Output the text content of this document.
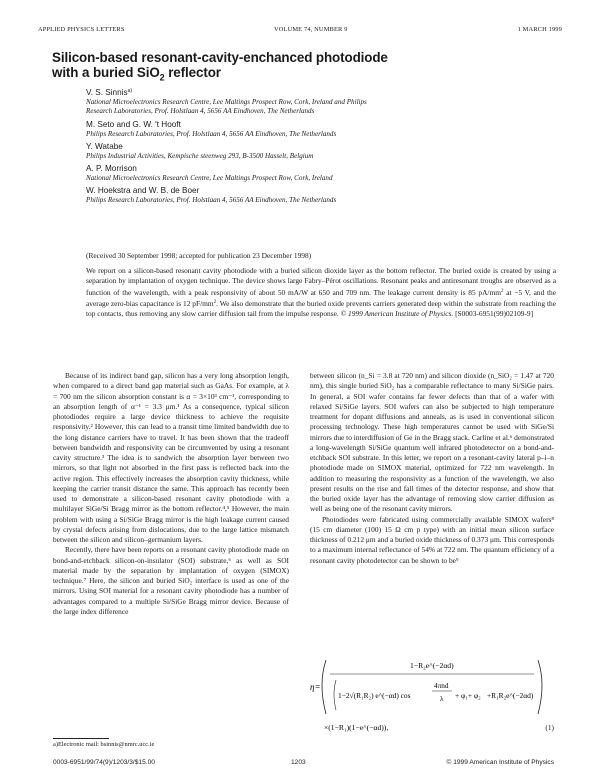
APPLIED PHYSICS LETTERS	VOLUME 74, NUMBER 9	1 MARCH 1999
Silicon-based resonant-cavity-enchanced photodiode
with a buried SiO$_2$ reflector
V. S. Sinnis$^{a)}$
National Microelectronics Research Centre, Lee Maltings Prospect Row, Cork, Ireland and Philips
Research Laboratories, Prof. Holstlaan 4, 5656 AA Eindhoven, The Netherlands
M. Seto and G. W. 't Hooft
Philips Research Laboratories, Prof. Holstlaan 4, 5656 AA Eindhoven, The Netherlands
Y. Watabe
Philips Industrial Activities, Kempische steenweg 293, B-3500 Hasselt, Belgium
A. P. Morrison
National Microelectronics Research Centre, Lee Maltings Prospect Row, Cork, Ireland
W. Hoekstra and W. B. de Boer
Philips Research Laboratories, Prof. Holstlaan 4, 5656 AA Eindhoven, The Netherlands
(Received 30 September 1998; accepted for publication 23 December 1998)
We report on a silicon-based resonant cavity photodiode with a buried silicon dioxide layer as the bottom reflector. The buried oxide is created by using a separation by implantation of oxygen technique. The device shows large Fabry–Pérot oscillations. Resonant peaks and antiresonant troughs are observed as a function of the wavelength, with a peak responsivity of about 50 mA/W at 650 and 709 nm. The leakage current density is 85 $pA/mm^2$ at −5 V, and the average zero-bias capacitance is 12 $pF/mm^2$. We also demonstrate that the buried oxide prevents carriers generated deep within the substrate from reaching the top contacts, thus removing any slow carrier diffusion tail from the impulse response. © 1999 American Institute of Physics. [S0003-6951(99)02109-9]

Because of its indirect band gap, silicon has a very long absorption length, when compared to a direct band gap material such as GaAs. For example, at λ = 700 nm the silicon absorption constant is α = 3×10³ cm⁻¹, corresponding to an absorption length of α⁻¹ = 3.3 μm.¹ As a consequence, typical silicon photodiodes require a large device thickness to achieve the requisite responsivity.² However, this can lead to a transit time limited bandwidth due to the long distance carriers have to travel. It has been shown that the tradeoff between bandwidth and responsivity can be circumvented by using a resonant cavity structure.³ The idea is to sandwich the absorption layer between two mirrors, so that light not absorbed in the first pass is reflected back into the active region. This effectively increases the absorption cavity thickness, while keeping the carrier transit distance the same. This approach has recently been used to demonstrate a silicon-based resonant cavity photodiode with a multilayer SiGe/Si Bragg mirror as the bottom reflector.⁴,⁵ However, the main problem with using a Si/SiGe Bragg mirror is the high leakage current caused by crystal defects arising from dislocations, due to the large lattice mismatch between the silicon and silicon–germanium layers.

Recently, there have been reports on a resonant cavity photodiode made on bond-and-etchback silicon-on-insulator (SOI) substrate,⁶ as well as SOI material made by the separation by implantation of oxygen (SIMOX) technique.⁷ Here, the silicon and buried SiO₂ interface is used as one of the mirrors. Using SOI material for a resonant cavity photodiode has a number of advantages compared to a multiple Si/SiGe Bragg mirror device. Because of the large index difference

between silicon (n_Si = 3.8 at 720 nm) and silicon dioxide (n_SiO₂ = 1.47 at 720 nm), this single buried SiO₂ has a comparable reflectance to many Si/SiGe pairs. In general, a SOI wafer contains far fewer defects than that of a wafer with relaxed Si/SiGe layers. SOI wafers can also be subjected to high temperature treatment for dopant diffusions and anneals, as is used in conventional silicon processing technology. These high temperatures cannot be used with SiGe/Si mirrors due to interdiffusion of Ge in the Bragg stack. Carline et al.⁶ demonstrated a long-wavelength Si/SiGe quantum well infrared photodetector on a bond-and-etchback SOI substrate. In this letter, we report on a resonant-cavity lateral p–i–n photodiode made on SIMOX material, optimized for 722 nm wavelength. In addition to measuring the responsivity as a function of the wavelength, we also present results on the rise and fall times of the detector response, and show that the buried oxide layer has the advantage of removing slow carrier diffusion as well as being one of the resonant cavity mirrors.

Photodiodes were fabricated using commercially available SIMOX wafers⁸ (15 cm diameter (100) 15 Ω cm p type) with an initial mean silicon surface thickness of 0.212 μm and a buried oxide thickness of 0.373 μm. This corresponds to a maximum internal reflectance of 54% at 722 nm. The quantum efficiency of a resonant cavity photodetector can be shown to be⁹

η=
1−R₂e^(−2αd)
1−2√(R₁R₂) e^(−αd) cos
4πnd
λ + φ₁+ φ₂ +R₁R₂e^(−2αd)
×(1−R₁)(1−e^(−αd)),	(1)
a)Electronic mail: bsinnis@nmrc.ucc.ie
0003-6951/99/74(9)/1203/3/$15.00	1203	© 1999 American Institute of Physics
